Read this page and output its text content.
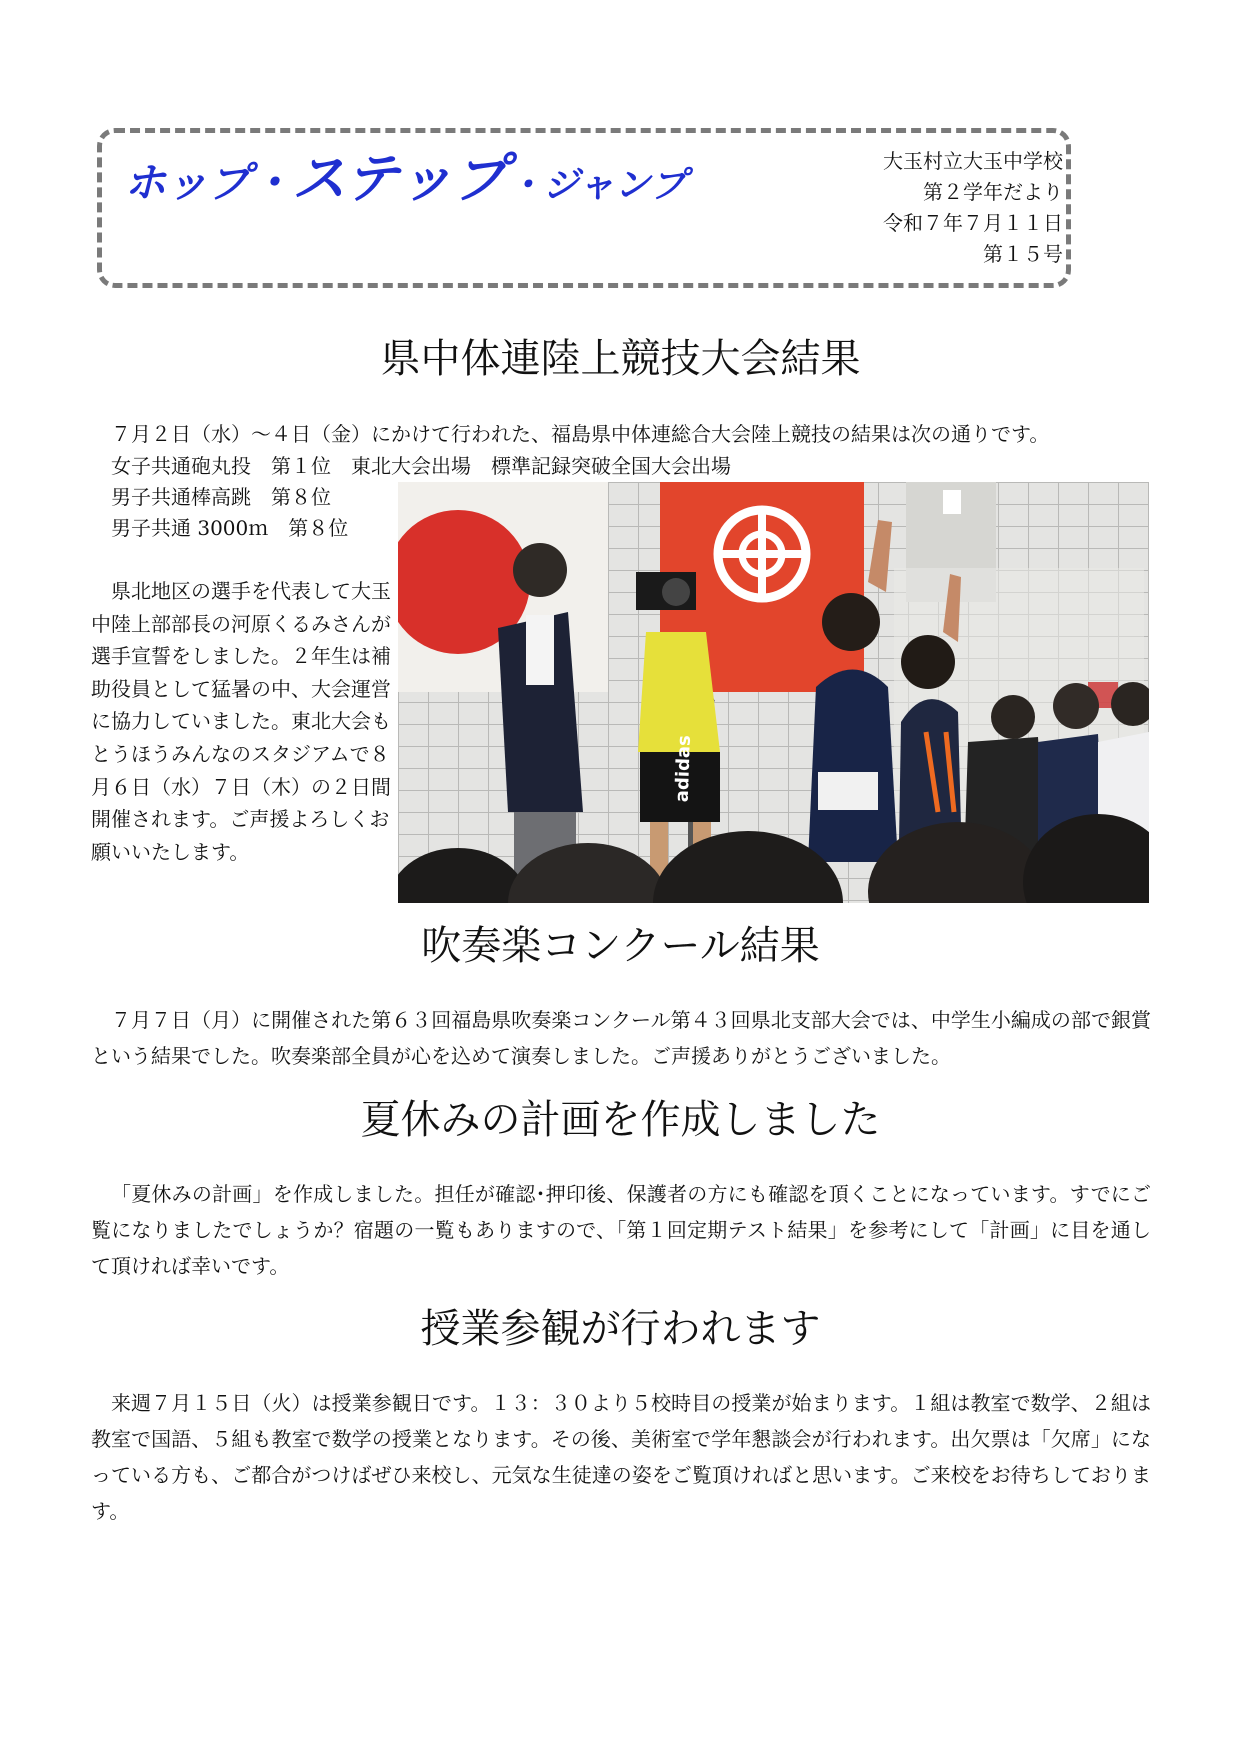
ホップ・ステップ・ジャンプ
大玉村立大玉中学校
第２学年だより
令和７年７月１１日
第１５号
県中体連陸上競技大会結果

７月２日（水）～４日（金）にかけて行われた、福島県中体連総合大会陸上競技の結果は次の通りです。

女子共通砲丸投　第１位　東北大会出場　標準記録突破全国大会出場

男子共通棒高跳　第８位

男子共通 3000ｍ　第８位

県北地区の選手を代表して大玉中陸上部部長の河原くるみさんが選手宣誓をしました。２年生は補助役員として猛暑の中、大会運営に協力していました。東北大会もとうほうみんなのスタジアムで８月６日（水）７日（木）の２日間開催されます。ご声援よろしくお願いいたします。

adidas
吹奏楽コンクール結果

７月７日（月）に開催された第６３回福島県吹奏楽コンクール第４３回県北支部大会では、中学生小編成の部で銀賞という結果でした。吹奏楽部全員が心を込めて演奏しました。ご声援ありがとうございました。

夏休みの計画を作成しました

「夏休みの計画」を作成しました。担任が確認･押印後、保護者の方にも確認を頂くことになっています。すでにご覧になりましたでしょうか？宿題の一覧もありますので、「第１回定期テスト結果」を参考にして「計画」に目を通して頂ければ幸いです。

授業参観が行われます

来週７月１５日（火）は授業参観日です。１３：３０より５校時目の授業が始まります。１組は教室で数学、２組は教室で国語、５組も教室で数学の授業となります。その後、美術室で学年懇談会が行われます。出欠票は「欠席」になっている方も、ご都合がつけばぜひ来校し、元気な生徒達の姿をご覧頂ければと思います。ご来校をお待ちしております。
